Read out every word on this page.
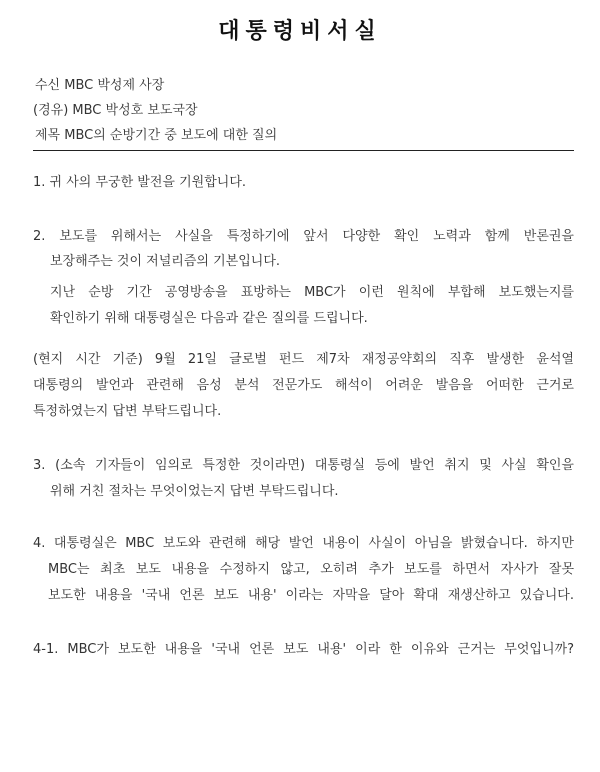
대통령비서실
수신 MBC 박성제 사장
(경유) MBC 박성호 보도국장
제목 MBC의 순방기간 중 보도에 대한 질의
1. 귀 사의 무궁한 발전을 기원합니다.
2. 보도를 위해서는 사실을 특정하기에 앞서 다양한 확인 노력과 함께 반론권을
보장해주는 것이 저널리즘의 기본입니다.
지난 순방 기간 공영방송을 표방하는 MBC가 이런 원칙에 부합해 보도했는지를
확인하기 위해 대통령실은 다음과 같은 질의를 드립니다.
(현지 시간 기준) 9월 21일 글로벌 펀드 제7차 재정공약회의 직후 발생한 윤석열
대통령의 발언과 관련해 음성 분석 전문가도 해석이 어려운 발음을 어떠한 근거로
특정하였는지 답변 부탁드립니다.
3. (소속 기자들이 임의로 특정한 것이라면) 대통령실 등에 발언 취지 및 사실 확인을
위해 거친 절차는 무엇이었는지 답변 부탁드립니다.
4. 대통령실은 MBC 보도와 관련해 해당 발언 내용이 사실이 아님을 밝혔습니다. 하지만
MBC는 최초 보도 내용을 수정하지 않고, 오히려 추가 보도를 하면서 자사가 잘못
보도한 내용을 '국내 언론 보도 내용' 이라는 자막을 달아 확대 재생산하고 있습니다.
4-1. MBC가 보도한 내용을 '국내 언론 보도 내용' 이라 한 이유와 근거는 무엇입니까?
